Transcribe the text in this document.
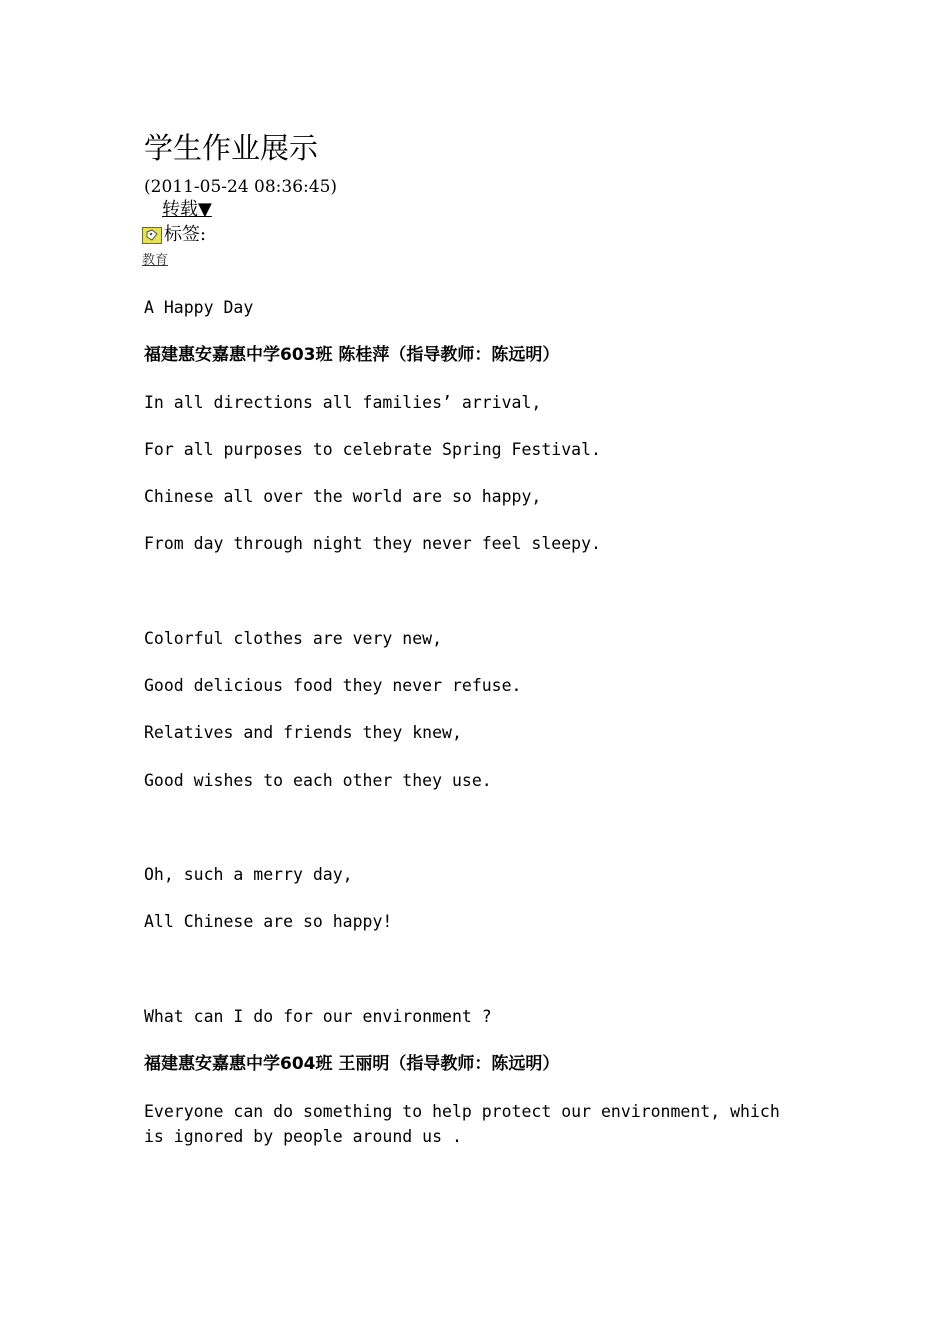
学生作业展示
(2011-05-24 08:36:45)
转载▼
标签:
教育
A Happy Day
福建惠安嘉惠中学603班 陈桂萍（指导教师：陈远明）
In all directions all families’ arrival,
For all purposes to celebrate Spring Festival.
Chinese all over the world are so happy,
From day through night they never feel sleepy.
Colorful clothes are very new,
Good delicious food they never refuse.
Relatives and friends they knew,
Good wishes to each other they use.
Oh, such a merry day,
All Chinese are so happy!
What can I do for our environment ?
福建惠安嘉惠中学604班 王丽明（指导教师：陈远明）
Everyone can do something to help protect our environment, which is ignored by people around us .
